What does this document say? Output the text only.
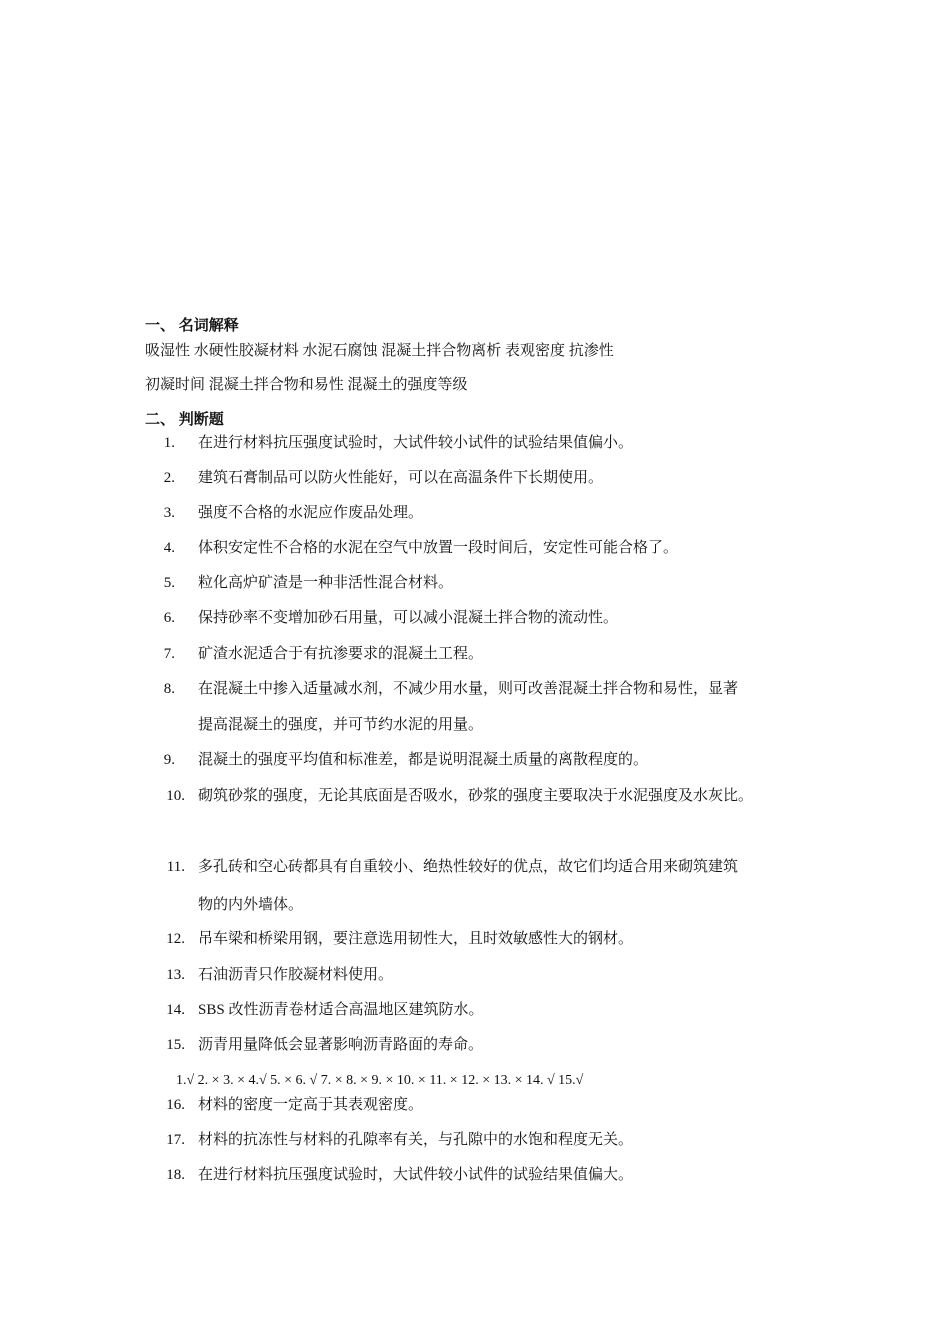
一、 名词解释
吸湿性 水硬性胶凝材料 水泥石腐蚀 混凝土拌合物离析 表观密度 抗渗性
初凝时间 混凝土拌合物和易性 混凝土的强度等级
二、 判断题
1. 在进行材料抗压强度试验时，大试件较小试件的试验结果值偏小。
2. 建筑石膏制品可以防火性能好，可以在高温条件下长期使用。
3. 强度不合格的水泥应作废品处理。
4. 体积安定性不合格的水泥在空气中放置一段时间后，安定性可能合格了。
5. 粒化高炉矿渣是一种非活性混合材料。
6. 保持砂率不变增加砂石用量，可以减小混凝土拌合物的流动性。
7. 矿渣水泥适合于有抗渗要求的混凝土工程。
8. 在混凝土中掺入适量减水剂，不减少用水量，则可改善混凝土拌合物和易性，显著
提高混凝土的强度，并可节约水泥的用量。
9. 混凝土的强度平均值和标准差，都是说明混凝土质量的离散程度的。
10. 砌筑砂浆的强度，无论其底面是否吸水，砂浆的强度主要取决于水泥强度及水灰比。
11. 多孔砖和空心砖都具有自重较小、绝热性较好的优点，故它们均适合用来砌筑建筑
物的内外墙体。
12. 吊车梁和桥梁用钢，要注意选用韧性大，且时效敏感性大的钢材。
13. 石油沥青只作胶凝材料使用。
14. SBS 改性沥青卷材适合高温地区建筑防水。
15. 沥青用量降低会显著影响沥青路面的寿命。
1.√ 2. × 3. × 4.√ 5. × 6. √ 7. × 8. × 9. × 10. × 11. × 12. × 13. × 14. √ 15.√
16. 材料的密度一定高于其表观密度。
17. 材料的抗冻性与材料的孔隙率有关，与孔隙中的水饱和程度无关。
18. 在进行材料抗压强度试验时，大试件较小试件的试验结果值偏大。
